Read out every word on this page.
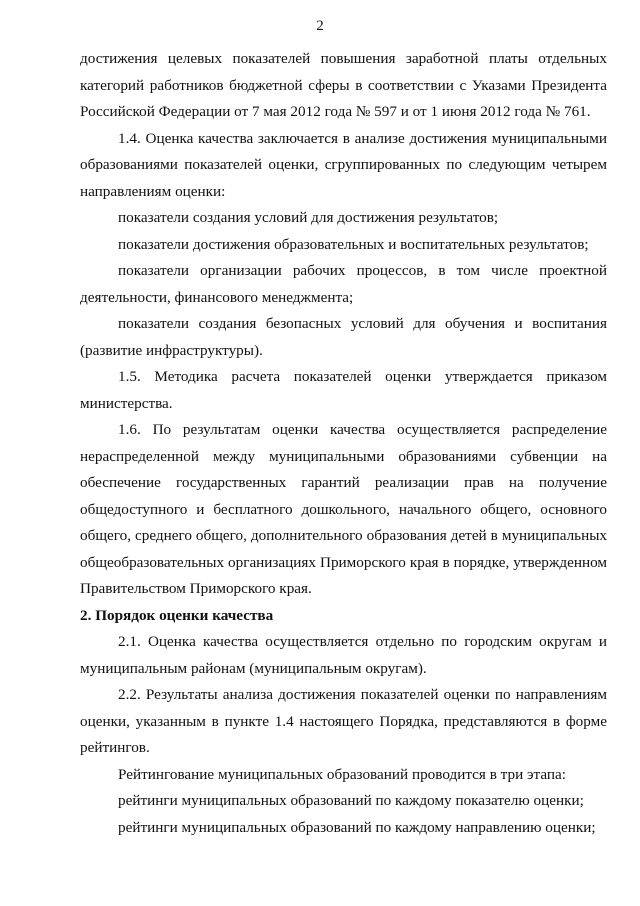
2

достижения целевых показателей повышения заработной платы отдельных категорий работников бюджетной сферы в соответствии с Указами Президента Российской Федерации от 7 мая 2012 года № 597 и от 1 июня 2012 года № 761.

1.4. Оценка качества заключается в анализе достижения муниципальными образованиями показателей оценки, сгруппированных по следующим четырем направлениям оценки:

показатели создания условий для достижения результатов;

показатели достижения образовательных и воспитательных результатов;

показатели организации рабочих процессов, в том числе проектной деятельности, финансового менеджмента;

показатели создания безопасных условий для обучения и воспитания (развитие инфраструктуры).

1.5. Методика расчета показателей оценки утверждается приказом министерства.

1.6. По результатам оценки качества осуществляется распределение нераспределенной между муниципальными образованиями субвенции на обеспечение государственных гарантий реализации прав на получение общедоступного и бесплатного дошкольного, начального общего, основного общего, среднего общего, дополнительного образования детей в муниципальных общеобразовательных организациях Приморского края в порядке, утвержденном Правительством Приморского края.

2. Порядок оценки качества

2.1. Оценка качества осуществляется отдельно по городским округам и муниципальным районам (муниципальным округам).

2.2. Результаты анализа достижения показателей оценки по направлениям оценки, указанным в пункте 1.4 настоящего Порядка, представляются в форме рейтингов.

Рейтингование муниципальных образований проводится в три этапа:

рейтинги муниципальных образований по каждому показателю оценки;

рейтинги муниципальных образований по каждому направлению оценки;
